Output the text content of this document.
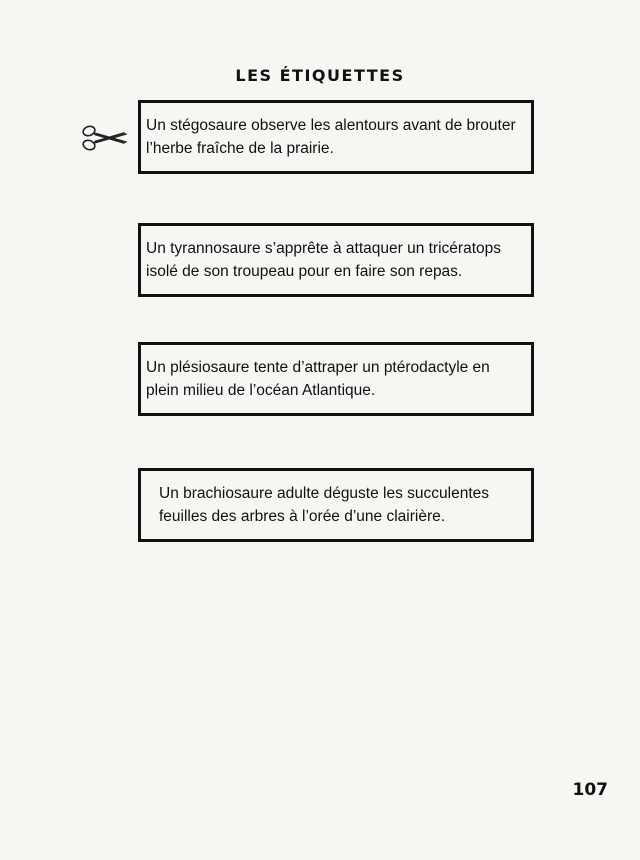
LES ÉTIQUETTES
Un stégosaure observe les alentours avant de brouter l’herbe fraîche de la prairie.
Un tyrannosaure s’apprête à attaquer un tricératops isolé de son troupeau pour en faire son repas.
Un plésiosaure tente d’attraper un ptérodactyle en plein milieu de l’océan Atlantique.
Un brachiosaure adulte déguste les succulentes feuilles des arbres à l’orée d’une clairière.
107
